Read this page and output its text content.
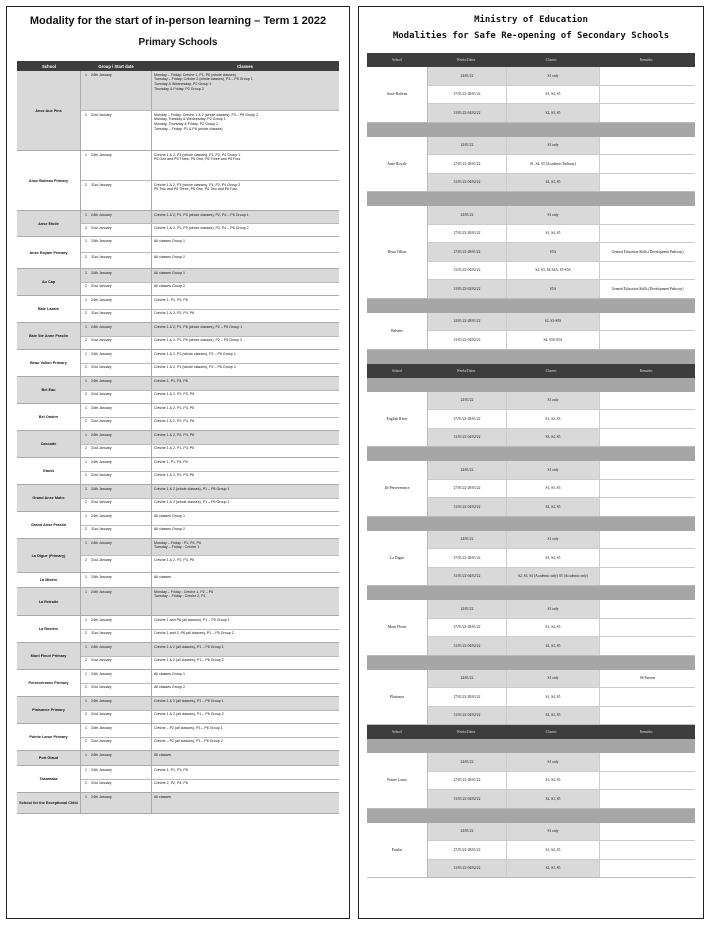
Modality for the start of in-person learning – Term 1 2022
Primary Schools
School	Group / Start date	Classes
Anse Aux Pins
1	24th January	Monday – Friday: Crèche 1, P1, P6 (whole classes)
Tuesday – Friday: Crèche 2 (whole classes), P3 – P5 Group 1
Tuesday & Wednesday: P2 Group 1
Thursday & Friday: P2 Group 2
2	31st January	Monday – Friday: Crèche 1 & 2 (whole classes), P3 – P5 Group 2
Monday, Tuesday & Wednesday: P2 Group 1
Monday, Thursday & Friday: P2 Group 2
Tuesday – Friday: P1 & P6 (whole classes)
Anse Boileau Primary
1	24th January	Crèche 1 & 2, P3 (whole classes), P1, P2, P4 Group 1
P5 One and P5 Three, P6 One, P6 Three and P6 Four
2	31st January	Crèche 1 & 2, P3 (whole classes), P1, P2, P4 Group 2
P5 Two and P5 Three, P6 One, P6 Two and P6 Four
Anse Etoile
1	24th January	Crèche 1 & 2, P1, P3 (whole classes), P2, P4 – P6 Group 1
2	31st January	Crèche 1 & 2, P1, P3 (whole classes), P2, P4 – P6 Group 2
Anse Royale Primary
1	24th January	All classes Group 1
2	31st January	All classes Group 2
Au Cap
1	24th January	All classes Group 1
2	31st January	All classes Group 2
Baie Lazare
1	24th January	Crèche 1, P1, P3, P5
2	31st January	Crèche 1 & 2, P2, P4, P6
Baie Ste Anne Praslin
1	24th January	Crèche 1 & 2, P1, P6 (whole classes), P2 – P5 Group 1
2	31st January	Crèche 1 & 2, P1, P6 (whole classes), P2 – P5 Group 2
Beau Vallon Primary
1	24th January	Crèche 1 & 2, P1 (whole classes), P2 – P6 Group 1
2	31st January	Crèche 1 & 2, P1 (whole classes), P2 – P6 Group 2
Bel Eau
1	24th January	Crèche 1, P1, P4, P6
2	31st January	Crèche 1 & 2, P2, P3, P5
Bel Ombre
1	24th January	Crèche 1 & 2, P1, P3, P5
2	31st January	Crèche 1 & 2, P2, P4, P6
Cascade
1	24th January	Crèche 1 & 2, P2, P4, P6
2	31st January	Crèche 1 & 2, P1, P3, P5
Glacis
1	24th January	Crèche 1, P1, P4, P5
2	31st January	Crèche 1 & 2, P2, P3, P6
Grand Anse Mahe
1	24th January	Crèche 1 & 2 (whole classes), P1 – P6 Group 1
2	31st January	Crèche 1 & 2 (whole classes), P1 – P6 Group 2
Grand Anse Praslin
1	24th January	All classes Group 1
2	31st January	All classes Group 2
La Digue (Primary)
1	24th January	Monday – Friday : P1, P4, P6
Tuesday – Friday : Crèche 1
2	31st January	Crèche 1 & 2, P2, P3, P5
La Misère
1	24th January	All classes
La Retraite
1	24th January	Monday – Friday : Crèche 1, P2 – P6
Tuesday – Friday : Crèche 2, P1
La Rosière
1	24th January	Crèche 1 and P6 (all classes), P1 – P5 Group 1
2	31st January	Crèche 1 and 2, P6 (all classes), P1 – P5 Group 2
Mont Fleuri Primary
1	24th January	Crèche 1 & 2 (all classes), P1 – P6 Group 1
2	31st January	Crèche 1 & 2 (all classes), P1 – P6 Group 2
Persévérance Primary
1	24th January	All classes Group 1
2	31st January	All classes Group 2
Plaisance Primary
1	24th January	Crèche 1 & 2 (all classes), P1 – P6 Group 1
2	31st January	Crèche 1 & 2 (all classes), P1 – P6 Group 2
Pointe Larue Primary
1	24th January	Crèche – P2 (all classes), P3 – P6 Group 1
2	31st January	Crèche – P2 (all classes), P3 – P6 Group 2
Port Glaud
1	24th January	All classes
Takamaka
1	24th January	Crèche 1, P1, P3, P5
2	31st January	Crèche 2, P2, P4, P6
School for the Exceptional Child
1	24th January	All classes
Ministry of Education
Modalities for Safe Re-opening of Secondary Schools
School	Weeks/Dates	Classes	Remarks
Anse Boileau
24/01/22	S1 only
27/01/22-28/01/22	S1, S4, S5
31/01/22-04/02/22	S2, S3, S5
Anse Royale
24/01/22	S1 only
27/01/22-28/01/22	S1, S4, S5 (Academic Pathway)
31/01/22-04/02/22	S2, S3, S5
Beau Vallon
24/01/22	S1 only
27/01/22-28/01/22	S1, S4, S5
27/01/22-28/01/22	S5A	General Education Skills (Development Pathway)
31/01/22-04/02/22	S2, S3, S4-S4A, S5-S5S
31/01/22-02/02/22	S5A	General Education Skills (Development Pathway)
Belonie
24/01/22-28/01/22	S2, S3-S5S
31/01/22-04/02/22	S4, S5S-S5A
School	Weeks/Dates	Classes	Remarks
English River
24/01/22	S1 only
27/01/22-28/01/22	S1, S2, S3
31/01/22-04/02/22	S3, S4, S5
Ile Perseverance
24/01/22	S1 only
27/01/22-28/01/22	S1, S3, S5
31/01/22-04/02/22	S2, S4, S5
La Digue
24/01/22	S1 only
27/01/22-28/01/22	S1, S4, S5
31/01/22-04/02/22	S2, S3, S4 (Academic only) S5 (Academic only)
Mont Fleuri
24/01/22	S1 only
27/01/22-28/01/22	S1, S4, S5
31/01/22-04/02/22	S2, S3, S5
Plaisance
24/01/22	S1 only	S6 Parents
27/01/22-28/01/22	S1, S4, S5
31/01/22-04/02/22	S2, S3, S5
School	Weeks/Dates	Classes	Remarks
Pointe Larue
24/01/22	S1 only
27/01/22-28/01/22	S1, S4, S5
31/01/22-04/02/22	S2, S3, S5
Praslin
24/01/22	S1 only
27/01/22-28/01/22	S1, S4, S5
31/01/22-04/02/22	S2, S3, S5
